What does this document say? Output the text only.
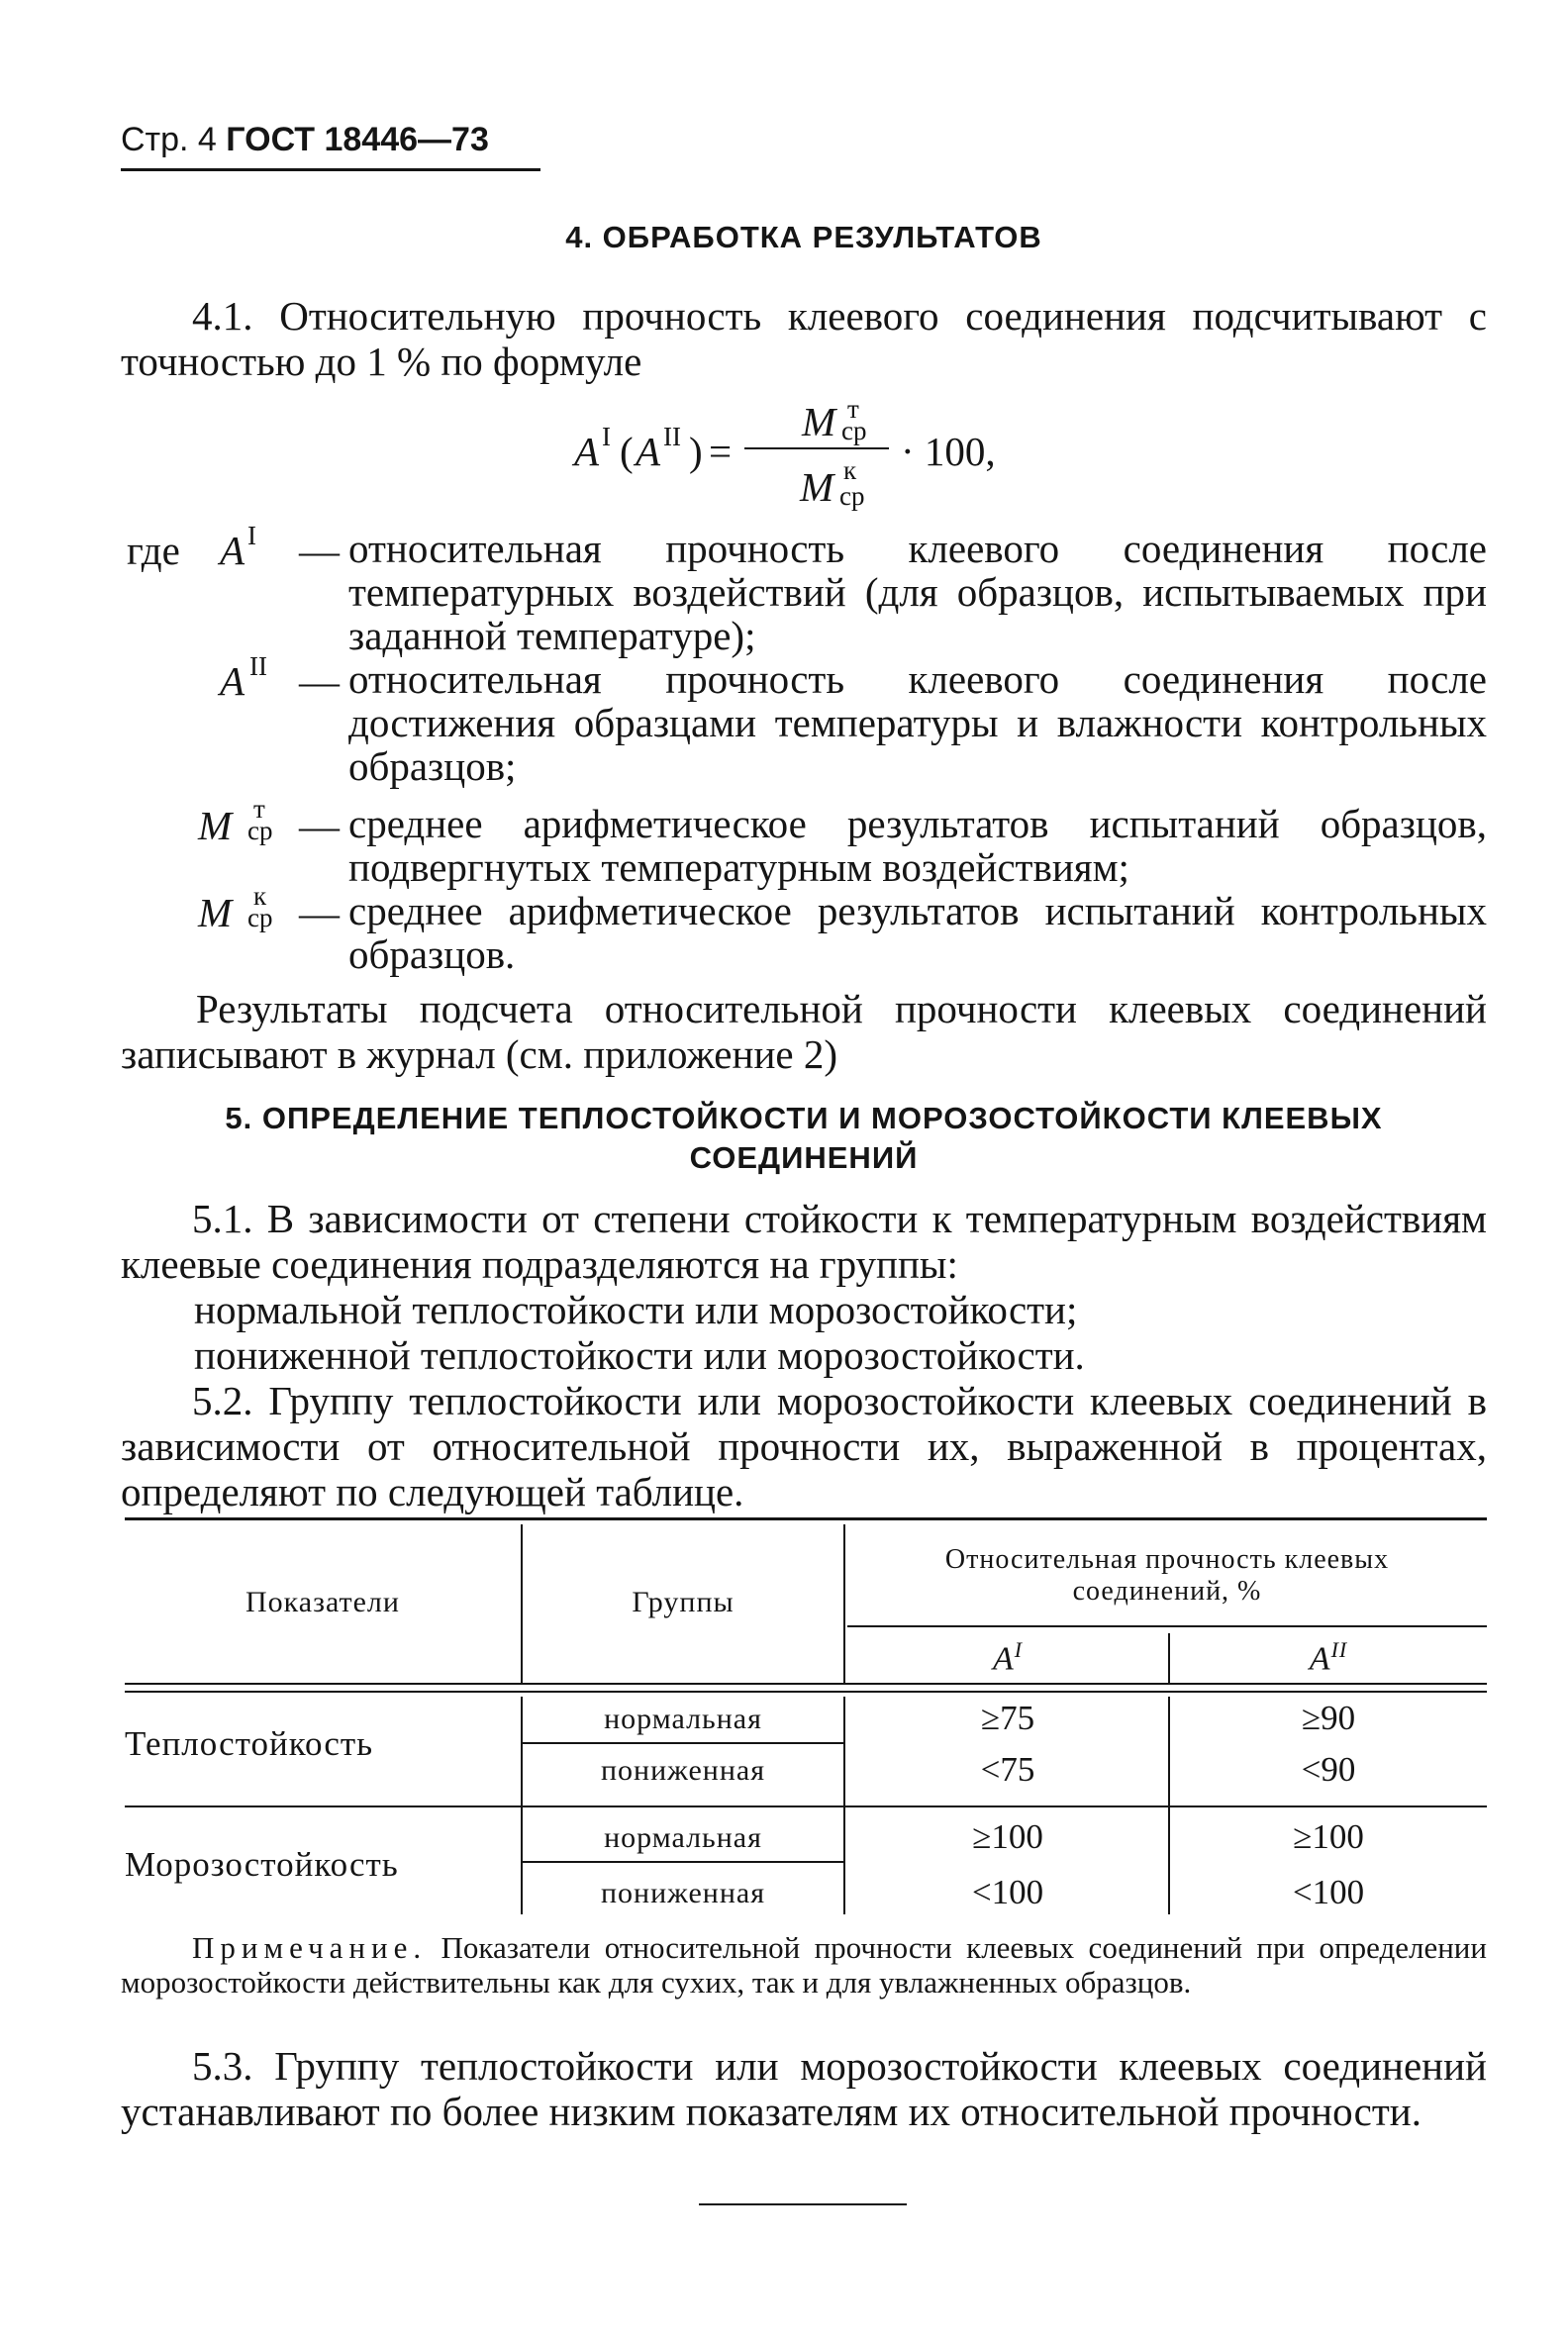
Стр. 4 ГОСТ 18446—73
4. ОБРАБОТКА РЕЗУЛЬТАТОВ
4.1. Относительную прочность клеевого соединения подсчитывают с точностью до 1 % по формуле
A I ( A II ) =
M т
ср
M к
ср
· 100,
где A I — относительная прочность клеевого соединения после температурных воздействий (для образцов, испытываемых при заданной температуре);
A II — относительная прочность клеевого соединения после достижения образцами температуры и влажности контрольных образцов;
M т
ср — среднее арифметическое результатов испытаний образцов, подвергнутых температурным воздействиям;
M к
ср — среднее арифметическое результатов испытаний контрольных образцов.
Результаты подсчета относительной прочности клеевых соединений записывают в журнал (см. приложение 2)
5. ОПРЕДЕЛЕНИЕ ТЕПЛОСТОЙКОСТИ И МОРОЗОСТОЙКОСТИ КЛЕЕВЫХ
СОЕДИНЕНИЙ
5.1. В зависимости от степени стойкости к температурным воздействиям клеевые соединения подразделяются на группы:
нормальной теплостойкости или морозостойкости;
пониженной теплостойкости или морозостойкости.
5.2. Группу теплостойкости или морозостойкости клеевых соединений в зависимости от относительной прочности их, выраженной в процентах, определяют по следующей таблице.
Показатели	Группы
Относительная прочность клеевых
соединений, %
$A^I$	$A^{II}$
Теплостойкость
нормальная
пониженная
≥75
<75
≥90
<90
Морозостойкость
нормальная
пониженная
≥100
<100
≥100
<100
Примечание. Показатели относительной прочности клеевых соединений при определении морозостойкости действительны как для сухих, так и для увлажненных образцов.
5.3. Группу теплостойкости или морозостойкости клеевых соединений устанавливают по более низким показателям их относительной прочности.
